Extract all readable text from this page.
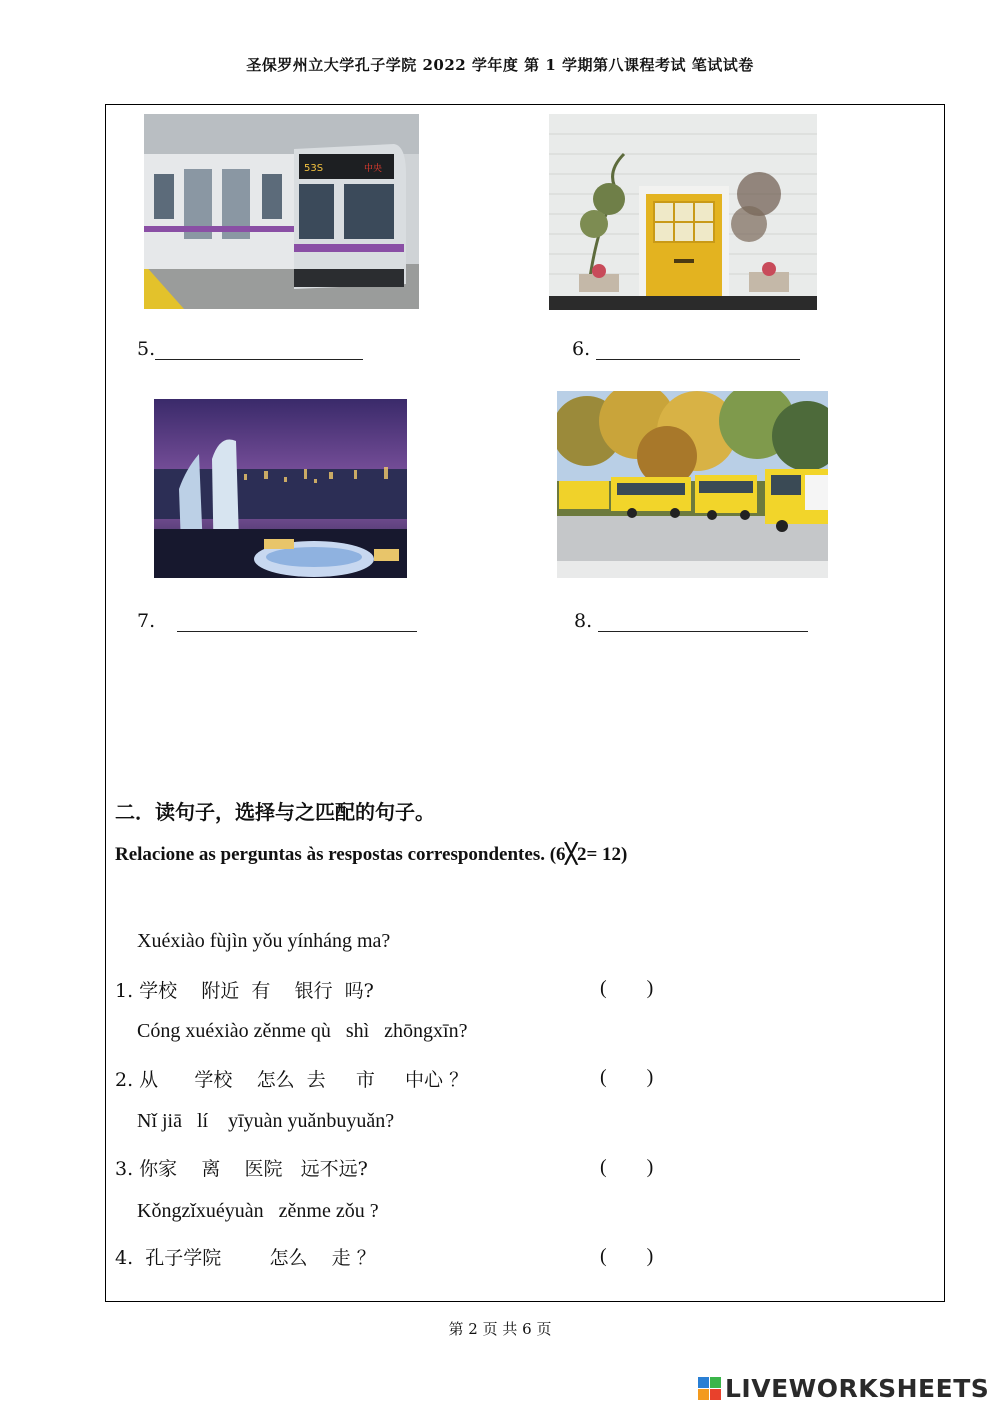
圣保罗州立大学孔子学院 2022 学年度 第 1 学期第八课程考试 笔试试卷
53S	中央
5.	6.
7.	8.
二．读句子，选择与之匹配的句子。
Relacione as perguntas às respostas correspondentes. (6╳2= 12)
Xuéxiào fùjìn yǒu yínháng ma?
1. 学校    附近  有    银行  吗?	(        )
Cóng xuéxiào zěnme qù   shì   zhōngxīn?
2. 从      学校    怎么  去     市     中心 ？	(        )
Nǐ jiā   lí    yīyuàn yuǎnbuyuǎn?
3. 你家    离    医院   远不远?	(        )
Kǒngzǐxuéyuàn   zěnme zǒu ?
4.  孔子学院        怎么    走 ？	(        )
第 2 页 共 6 页
LIVEWORKSHEETS
